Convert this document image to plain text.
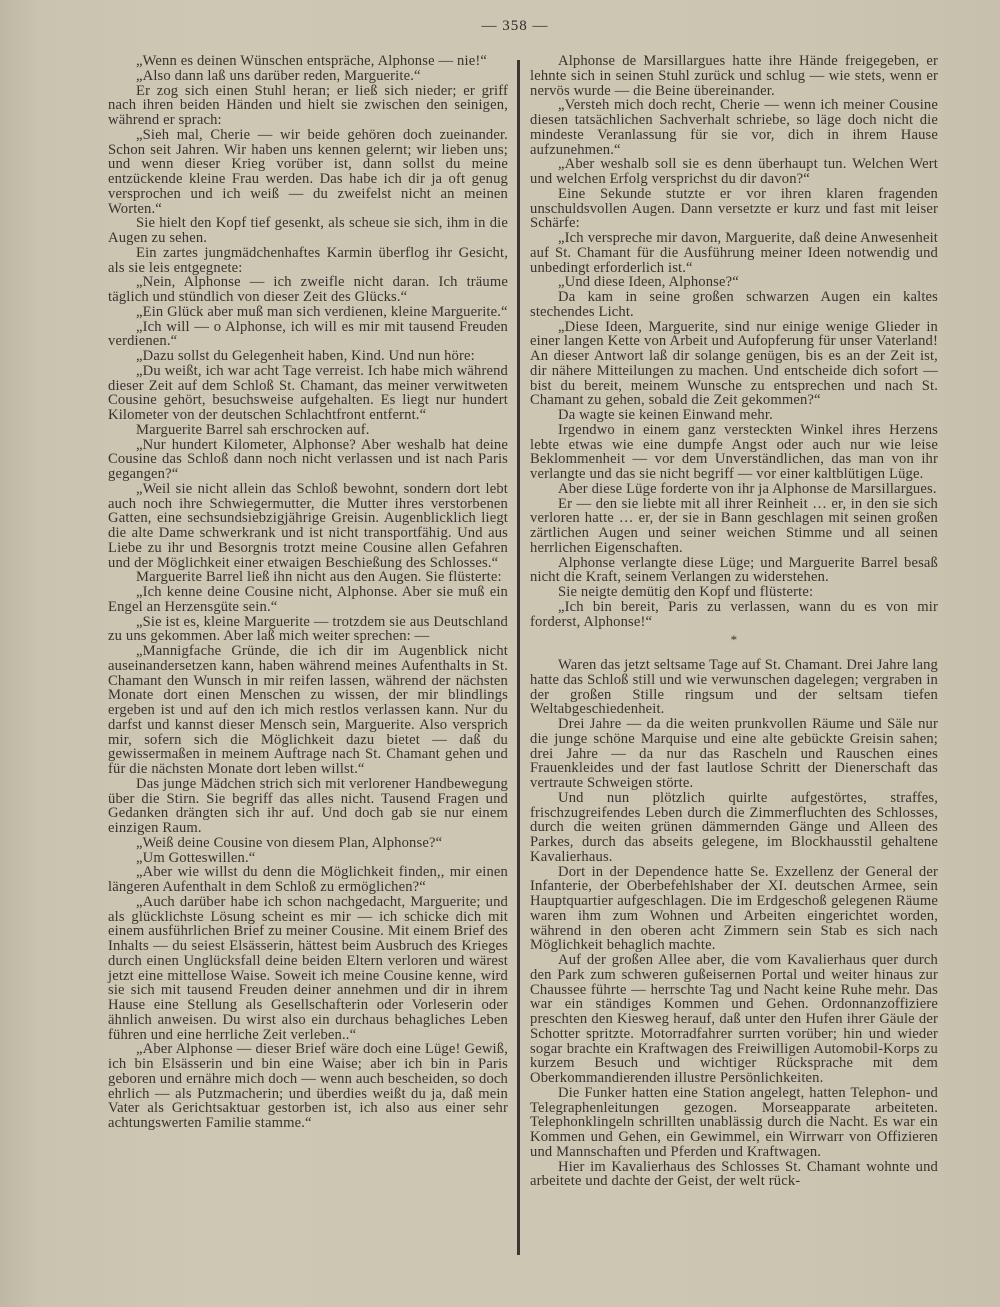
— 358 —

„Wenn es deinen Wünschen entspräche, Alphonse — nie!“

„Also dann laß uns darüber reden, Marguerite.“

Er zog sich einen Stuhl heran; er ließ sich nieder; er griff nach ihren beiden Händen und hielt sie zwischen den seinigen, während er sprach:

„Sieh mal, Cherie — wir beide gehören doch zueinander. Schon seit Jahren. Wir haben uns kennen gelernt; wir lieben uns; und wenn dieser Krieg vorüber ist, dann sollst du meine entzückende kleine Frau werden. Das habe ich dir ja oft genug versprochen und ich weiß — du zweifelst nicht an meinen Worten.“

Sie hielt den Kopf tief gesenkt, als scheue sie sich, ihm in die Augen zu sehen.

Ein zartes jungmädchenhaftes Karmin überflog ihr Gesicht, als sie leis entgegnete:

„Nein, Alphonse — ich zweifle nicht daran. Ich träume täglich und stündlich von dieser Zeit des Glücks.“

„Ein Glück aber muß man sich verdienen, kleine Marguerite.“

„Ich will — o Alphonse, ich will es mir mit tausend Freuden verdienen.“

„Dazu sollst du Gelegenheit haben, Kind. Und nun höre:

„Du weißt, ich war acht Tage verreist. Ich habe mich während dieser Zeit auf dem Schloß St. Chamant, das meiner verwitweten Cousine gehört, besuchsweise aufgehalten. Es liegt nur hundert Kilometer von der deutschen Schlachtfront entfernt.“

Marguerite Barrel sah erschrocken auf.

„Nur hundert Kilometer, Alphonse? Aber weshalb hat deine Cousine das Schloß dann noch nicht verlassen und ist nach Paris gegangen?“

„Weil sie nicht allein das Schloß bewohnt, sondern dort lebt auch noch ihre Schwiegermutter, die Mutter ihres verstorbenen Gatten, eine sechsundsiebzigjährige Greisin. Augenblicklich liegt die alte Dame schwerkrank und ist nicht transportfähig. Und aus Liebe zu ihr und Besorgnis trotzt meine Cousine allen Gefahren und der Möglichkeit einer etwaigen Beschießung des Schlosses.“

Marguerite Barrel ließ ihn nicht aus den Augen. Sie flüsterte:

„Ich kenne deine Cousine nicht, Alphonse. Aber sie muß ein Engel an Herzensgüte sein.“

„Sie ist es, kleine Marguerite — trotzdem sie aus Deutschland zu uns gekommen. Aber laß mich weiter sprechen: —

„Mannigfache Gründe, die ich dir im Augenblick nicht auseinandersetzen kann, haben während meines Aufenthalts in St. Chamant den Wunsch in mir reifen lassen, während der nächsten Monate dort einen Menschen zu wissen, der mir blindlings ergeben ist und auf den ich mich restlos verlassen kann. Nur du darfst und kannst dieser Mensch sein, Marguerite. Also versprich mir, sofern sich die Möglichkeit dazu bietet — daß du gewissermaßen in meinem Auftrage nach St. Chamant gehen und für die nächsten Monate dort leben willst.“

Das junge Mädchen strich sich mit verlorener Handbewegung über die Stirn. Sie begriff das alles nicht. Tausend Fragen und Gedanken drängten sich ihr auf. Und doch gab sie nur einem einzigen Raum.

„Weiß deine Cousine von diesem Plan, Alphonse?“

„Um Gotteswillen.“

„Aber wie willst du denn die Möglichkeit finden,, mir einen längeren Aufenthalt in dem Schloß zu ermöglichen?“

„Auch darüber habe ich schon nachgedacht, Marguerite; und als glücklichste Lösung scheint es mir — ich schicke dich mit einem ausführlichen Brief zu meiner Cousine. Mit einem Brief des Inhalts — du seiest Elsässerin, hättest beim Ausbruch des Krieges durch einen Unglücksfall deine beiden Eltern verloren und wärest jetzt eine mittellose Waise. Soweit ich meine Cousine kenne, wird sie sich mit tausend Freuden deiner annehmen und dir in ihrem Hause eine Stellung als Gesellschafterin oder Vorleserin oder ähnlich anweisen. Du wirst also ein durchaus behagliches Leben führen und eine herrliche Zeit verleben..“

„Aber Alphonse — dieser Brief wäre doch eine Lüge! Gewiß, ich bin Elsässerin und bin eine Waise; aber ich bin in Paris geboren und ernähre mich doch — wenn auch bescheiden, so doch ehrlich — als Putzmacherin; und überdies weißt du ja, daß mein Vater als Gerichtsaktuar gestorben ist, ich also aus einer sehr achtungswerten Familie stamme.“

Alphonse de Marsillargues hatte ihre Hände freigegeben, er lehnte sich in seinen Stuhl zurück und schlug — wie stets, wenn er nervös wurde — die Beine übereinander.

„Versteh mich doch recht, Cherie — wenn ich meiner Cousine diesen tatsächlichen Sachverhalt schriebe, so läge doch nicht die mindeste Veranlassung für sie vor, dich in ihrem Hause aufzunehmen.“

„Aber weshalb soll sie es denn überhaupt tun. Welchen Wert und welchen Erfolg versprichst du dir davon?“

Eine Sekunde stutzte er vor ihren klaren fragenden unschuldsvollen Augen. Dann versetzte er kurz und fast mit leiser Schärfe:

„Ich verspreche mir davon, Marguerite, daß deine Anwesenheit auf St. Chamant für die Ausführung meiner Ideen notwendig und unbedingt erforderlich ist.“

„Und diese Ideen, Alphonse?“

Da kam in seine großen schwarzen Augen ein kaltes stechendes Licht.

„Diese Ideen, Marguerite, sind nur einige wenige Glieder in einer langen Kette von Arbeit und Aufopferung für unser Vaterland! An dieser Antwort laß dir solange genügen, bis es an der Zeit ist, dir nähere Mitteilungen zu machen. Und entscheide dich sofort — bist du bereit, meinem Wunsche zu entsprechen und nach St. Chamant zu gehen, sobald die Zeit gekommen?“

Da wagte sie keinen Einwand mehr.

Irgendwo in einem ganz versteckten Winkel ihres Herzens lebte etwas wie eine dumpfe Angst oder auch nur wie leise Beklommenheit — vor dem Unverständlichen, das man von ihr verlangte und das sie nicht begriff — vor einer kaltblütigen Lüge.

Aber diese Lüge forderte von ihr ja Alphonse de Marsillargues.

Er — den sie liebte mit all ihrer Reinheit … er, in den sie sich verloren hatte … er, der sie in Bann geschlagen mit seinen großen zärtlichen Augen und seiner weichen Stimme und all seinen herrlichen Eigenschaften.

Alphonse verlangte diese Lüge; und Marguerite Barrel besaß nicht die Kraft, seinem Verlangen zu widerstehen.

Sie neigte demütig den Kopf und flüsterte:

„Ich bin bereit, Paris zu verlassen, wann du es von mir forderst, Alphonse!“

*

Waren das jetzt seltsame Tage auf St. Chamant. Drei Jahre lang hatte das Schloß still und wie verwunschen dagelegen; vergraben in der großen Stille ringsum und der seltsam tiefen Weltabgeschiedenheit.

Drei Jahre — da die weiten prunkvollen Räume und Säle nur die junge schöne Marquise und eine alte gebückte Greisin sahen; drei Jahre — da nur das Rascheln und Rauschen eines Frauenkleides und der fast lautlose Schritt der Dienerschaft das vertraute Schweigen störte.

Und nun plötzlich quirlte aufgestörtes, straffes, frischzugreifendes Leben durch die Zimmerfluchten des Schlosses, durch die weiten grünen dämmernden Gänge und Alleen des Parkes, durch das abseits gelegene, im Blockhausstil gehaltene Kavalierhaus.

Dort in der Dependence hatte Se. Exzellenz der General der Infanterie, der Oberbefehlshaber der XI. deutschen Armee, sein Hauptquartier aufgeschlagen. Die im Erdgeschoß gelegenen Räume waren ihm zum Wohnen und Arbeiten eingerichtet worden, während in den oberen acht Zimmern sein Stab es sich nach Möglichkeit behaglich machte.

Auf der großen Allee aber, die vom Kavalierhaus quer durch den Park zum schweren gußeisernen Portal und weiter hinaus zur Chaussee führte — herrschte Tag und Nacht keine Ruhe mehr. Das war ein ständiges Kommen und Gehen. Ordonnanzoffiziere preschten den Kiesweg herauf, daß unter den Hufen ihrer Gäule der Schotter spritzte. Motorradfahrer surrten vorüber; hin und wieder sogar brachte ein Kraftwagen des Freiwilligen Automobil-Korps zu kurzem Besuch und wichtiger Rücksprache mit dem Oberkommandierenden illustre Persönlichkeiten.

Die Funker hatten eine Station angelegt, hatten Telephon- und Telegraphenleitungen gezogen. Morseapparate arbeiteten. Telephonklingeln schrillten unablässig durch die Nacht. Es war ein Kommen und Gehen, ein Gewimmel, ein Wirrwarr von Offizieren und Mannschaften und Pferden und Kraftwagen.

Hier im Kavalierhaus des Schlosses St. Chamant wohnte und arbeitete und dachte der Geist, der welt rück-
